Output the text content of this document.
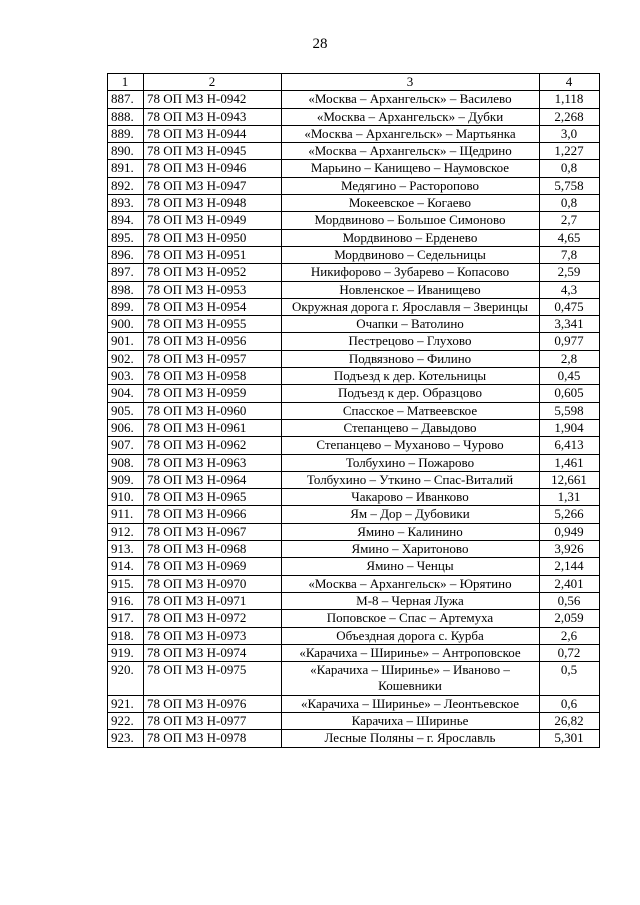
28
1	2	3	4
887.	78 ОП МЗ Н-0942	«Москва – Архангельск» – Василево	1,118
888.	78 ОП МЗ Н-0943	«Москва – Архангельск» – Дубки	2,268
889.	78 ОП МЗ Н-0944	«Москва – Архангельск» – Мартьянка	3,0
890.	78 ОП МЗ Н-0945	«Москва – Архангельск» – Щедрино	1,227
891.	78 ОП МЗ Н-0946	Марьино – Канищево – Наумовское	0,8
892.	78 ОП МЗ Н-0947	Медягино – Расторопово	5,758
893.	78 ОП МЗ Н-0948	Мокеевское – Когаево	0,8
894.	78 ОП МЗ Н-0949	Мордвиново – Большое Симоново	2,7
895.	78 ОП МЗ Н-0950	Мордвиново – Ерденево	4,65
896.	78 ОП МЗ Н-0951	Мордвиново – Седельницы	7,8
897.	78 ОП МЗ Н-0952	Никифорово – Зубарево – Копасово	2,59
898.	78 ОП МЗ Н-0953	Новленское – Иванищево	4,3
899.	78 ОП МЗ Н-0954	Окружная дорога г. Ярославля – Зверинцы	0,475
900.	78 ОП МЗ Н-0955	Очапки – Ватолино	3,341
901.	78 ОП МЗ Н-0956	Пестрецово – Глухово	0,977
902.	78 ОП МЗ Н-0957	Подвязново – Филино	2,8
903.	78 ОП МЗ Н-0958	Подъезд к дер. Котельницы	0,45
904.	78 ОП МЗ Н-0959	Подъезд к дер. Образцово	0,605
905.	78 ОП МЗ Н-0960	Спасское – Матвеевское	5,598
906.	78 ОП МЗ Н-0961	Степанцево – Давыдово	1,904
907.	78 ОП МЗ Н-0962	Степанцево – Муханово – Чурово	6,413
908.	78 ОП МЗ Н-0963	Толбухино – Пожарово	1,461
909.	78 ОП МЗ Н-0964	Толбухино – Уткино – Спас-Виталий	12,661
910.	78 ОП МЗ Н-0965	Чакарово – Иванково	1,31
911.	78 ОП МЗ Н-0966	Ям – Дор – Дубовики	5,266
912.	78 ОП МЗ Н-0967	Ямино – Калинино	0,949
913.	78 ОП МЗ Н-0968	Ямино – Харитоново	3,926
914.	78 ОП МЗ Н-0969	Ямино – Ченцы	2,144
915.	78 ОП МЗ Н-0970	«Москва – Архангельск» – Юрятино	2,401
916.	78 ОП МЗ Н-0971	М-8 – Черная Лужа	0,56
917.	78 ОП МЗ Н-0972	Поповское – Спас – Артемуха	2,059
918.	78 ОП МЗ Н-0973	Объездная дорога с. Курба	2,6
919.	78 ОП МЗ Н-0974	«Карачиха – Ширинье» – Антроповское	0,72
920.	78 ОП МЗ Н-0975	«Карачиха – Ширинье» – Иваново – Кошевники	0,5
921.	78 ОП МЗ Н-0976	«Карачиха – Ширинье» – Леонтьевское	0,6
922.	78 ОП МЗ Н-0977	Карачиха – Ширинье	26,82
923.	78 ОП МЗ Н-0978	Лесные Поляны – г. Ярославль	5,301
